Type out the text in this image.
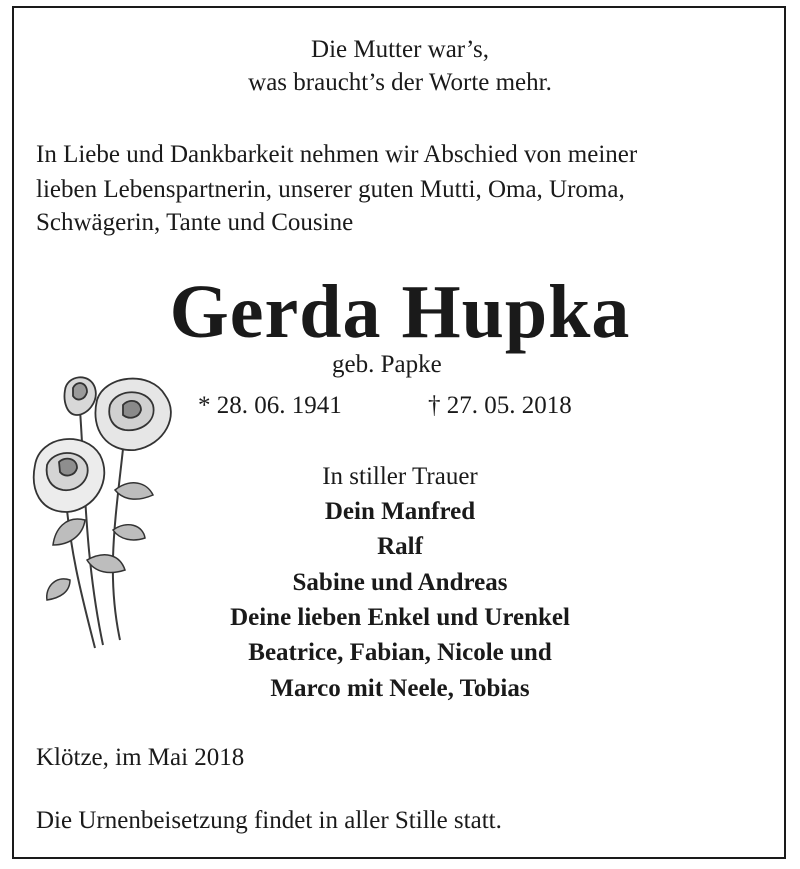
Die Mutter war’s,

was braucht’s der Worte mehr.

In Liebe und Dankbarkeit nehmen wir Abschied von meiner

lieben Lebenspartnerin, unserer guten Mutti, Oma, Uroma,

Schwägerin, Tante und Cousine

Gerda Hupka

geb. Papke

* 28. 06. 1941	† 27. 05. 2018

In stiller Trauer

Dein Manfred

Ralf

Sabine und Andreas

Deine lieben Enkel und Urenkel

Beatrice, Fabian, Nicole und

Marco mit Neele, Tobias

Klötze, im Mai 2018

Die Urnenbeisetzung findet in aller Stille statt.
